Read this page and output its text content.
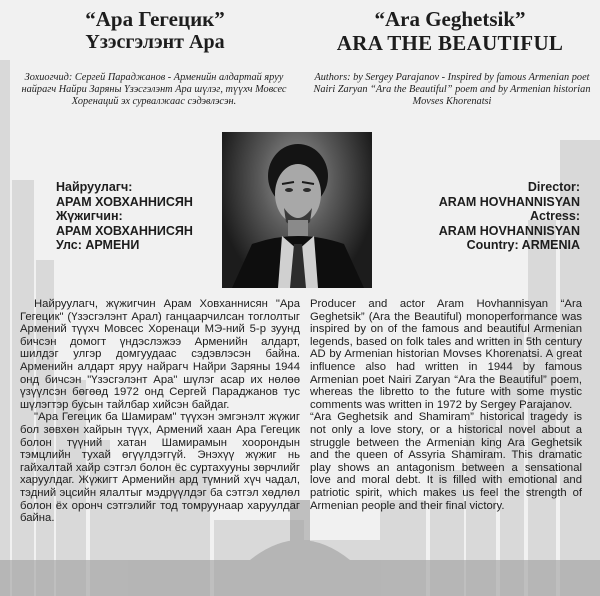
“Ара Гегецик”
Үзэсгэлэнт Ара
“Ara Geghetsik”
ARA THE BEAUTIFUL
Зохиогчид: Сергей Параджанов - Арменийн алдартай яруу найрагч Найри Заряны Үзэсгэлэнт Ара шүлэг, түүхч Мовсес Хоренаций эх сурвалжаас сэдэвлэсэн.
Authors: by Sergey Parajanov - Inspired by famous Armenian poet Nairi Zaryan “Ara the Beautiful” poem and by Armenian historian Movses Khorenatsi
Найруулагч:
АРАМ ХОВХАННИСЯН
Жүжигчин:
АРАМ ХОВХАННИСЯН
Улс: АРМЕНИ
Director:
ARAM HOVHANNISYAN
Actress:
ARAM HOVHANNISYAN
Country: ARMENIA

Найруулагч, жүжигчин Арам Ховханнисян "Ара Гегецик" (Үзэсгэлэнт Арал) ганцаарчилсан тоглолтыг Армений түүхч Мовсес Хоренаци МЭ-ний 5-р зуунд бичсэн домогт үндэслэжээ Арменийн алдарт, шилдэг улгэр домгуудаас сэдэвлэсэн байна. Арменийн алдарт яруу найрагч Найри Заряны 1944 онд бичсэн "Үзэсгэлэнт Ара" шүлэг асар их нөлөө үзүүлсэн бөгөөд 1972 онд Сергей Параджанов тус шүлэгтэр бусын тайлбар хийсэн байдаг.

"Ара Гегецик ба Шамирам" түүхэн эмгэнэлт жүжиг бол зөвхөн хайрын түүх, Армений хаан Ара Гегецик болон түүний хатан Шамирамын хоорондын тэмцлийн тухай өгүүлдэггүй. Энэхүү жүжиг нь гайхалтай хайр сэтгэл болон ёс суртахууны зөрчлийг харуулдаг. Жүжигт Арменийн ард түмний хүч чадал, тэдний эцсийн ялалтыг мэдрүүлдэг ба сэтгэл хөдлөл болон ёх оронч сэтгэлийг тод томруунаар харуулдаг байна.

Producer and actor Aram Hovhannisyan “Ara Geghetsik” (Ara the Beautiful) monoperformance was inspired by on of the famous and beautiful Armenian legends, based on folk tales and written in 5th century AD by Armenian historian Movses Khorenatsi. A great influence also had written in 1944 by famous Armenian poet Nairi Zaryan “Ara the Beautiful” poem, whereas the libretto to the future with some mystic comments was written in 1972 by Sergey Parajanov.

“Ara Geghetsik and Shamiram” historical tragedy is not only a love story, or a historical novel about a struggle between the Armenian king Ara Geghetsik and the queen of Assyria Shamiram. This dramatic play shows an antagonism between a sensational love and moral debt. It is filled with emotional and patriotic spirit, which makes us feel the strength of Armenian people and their final victory.
